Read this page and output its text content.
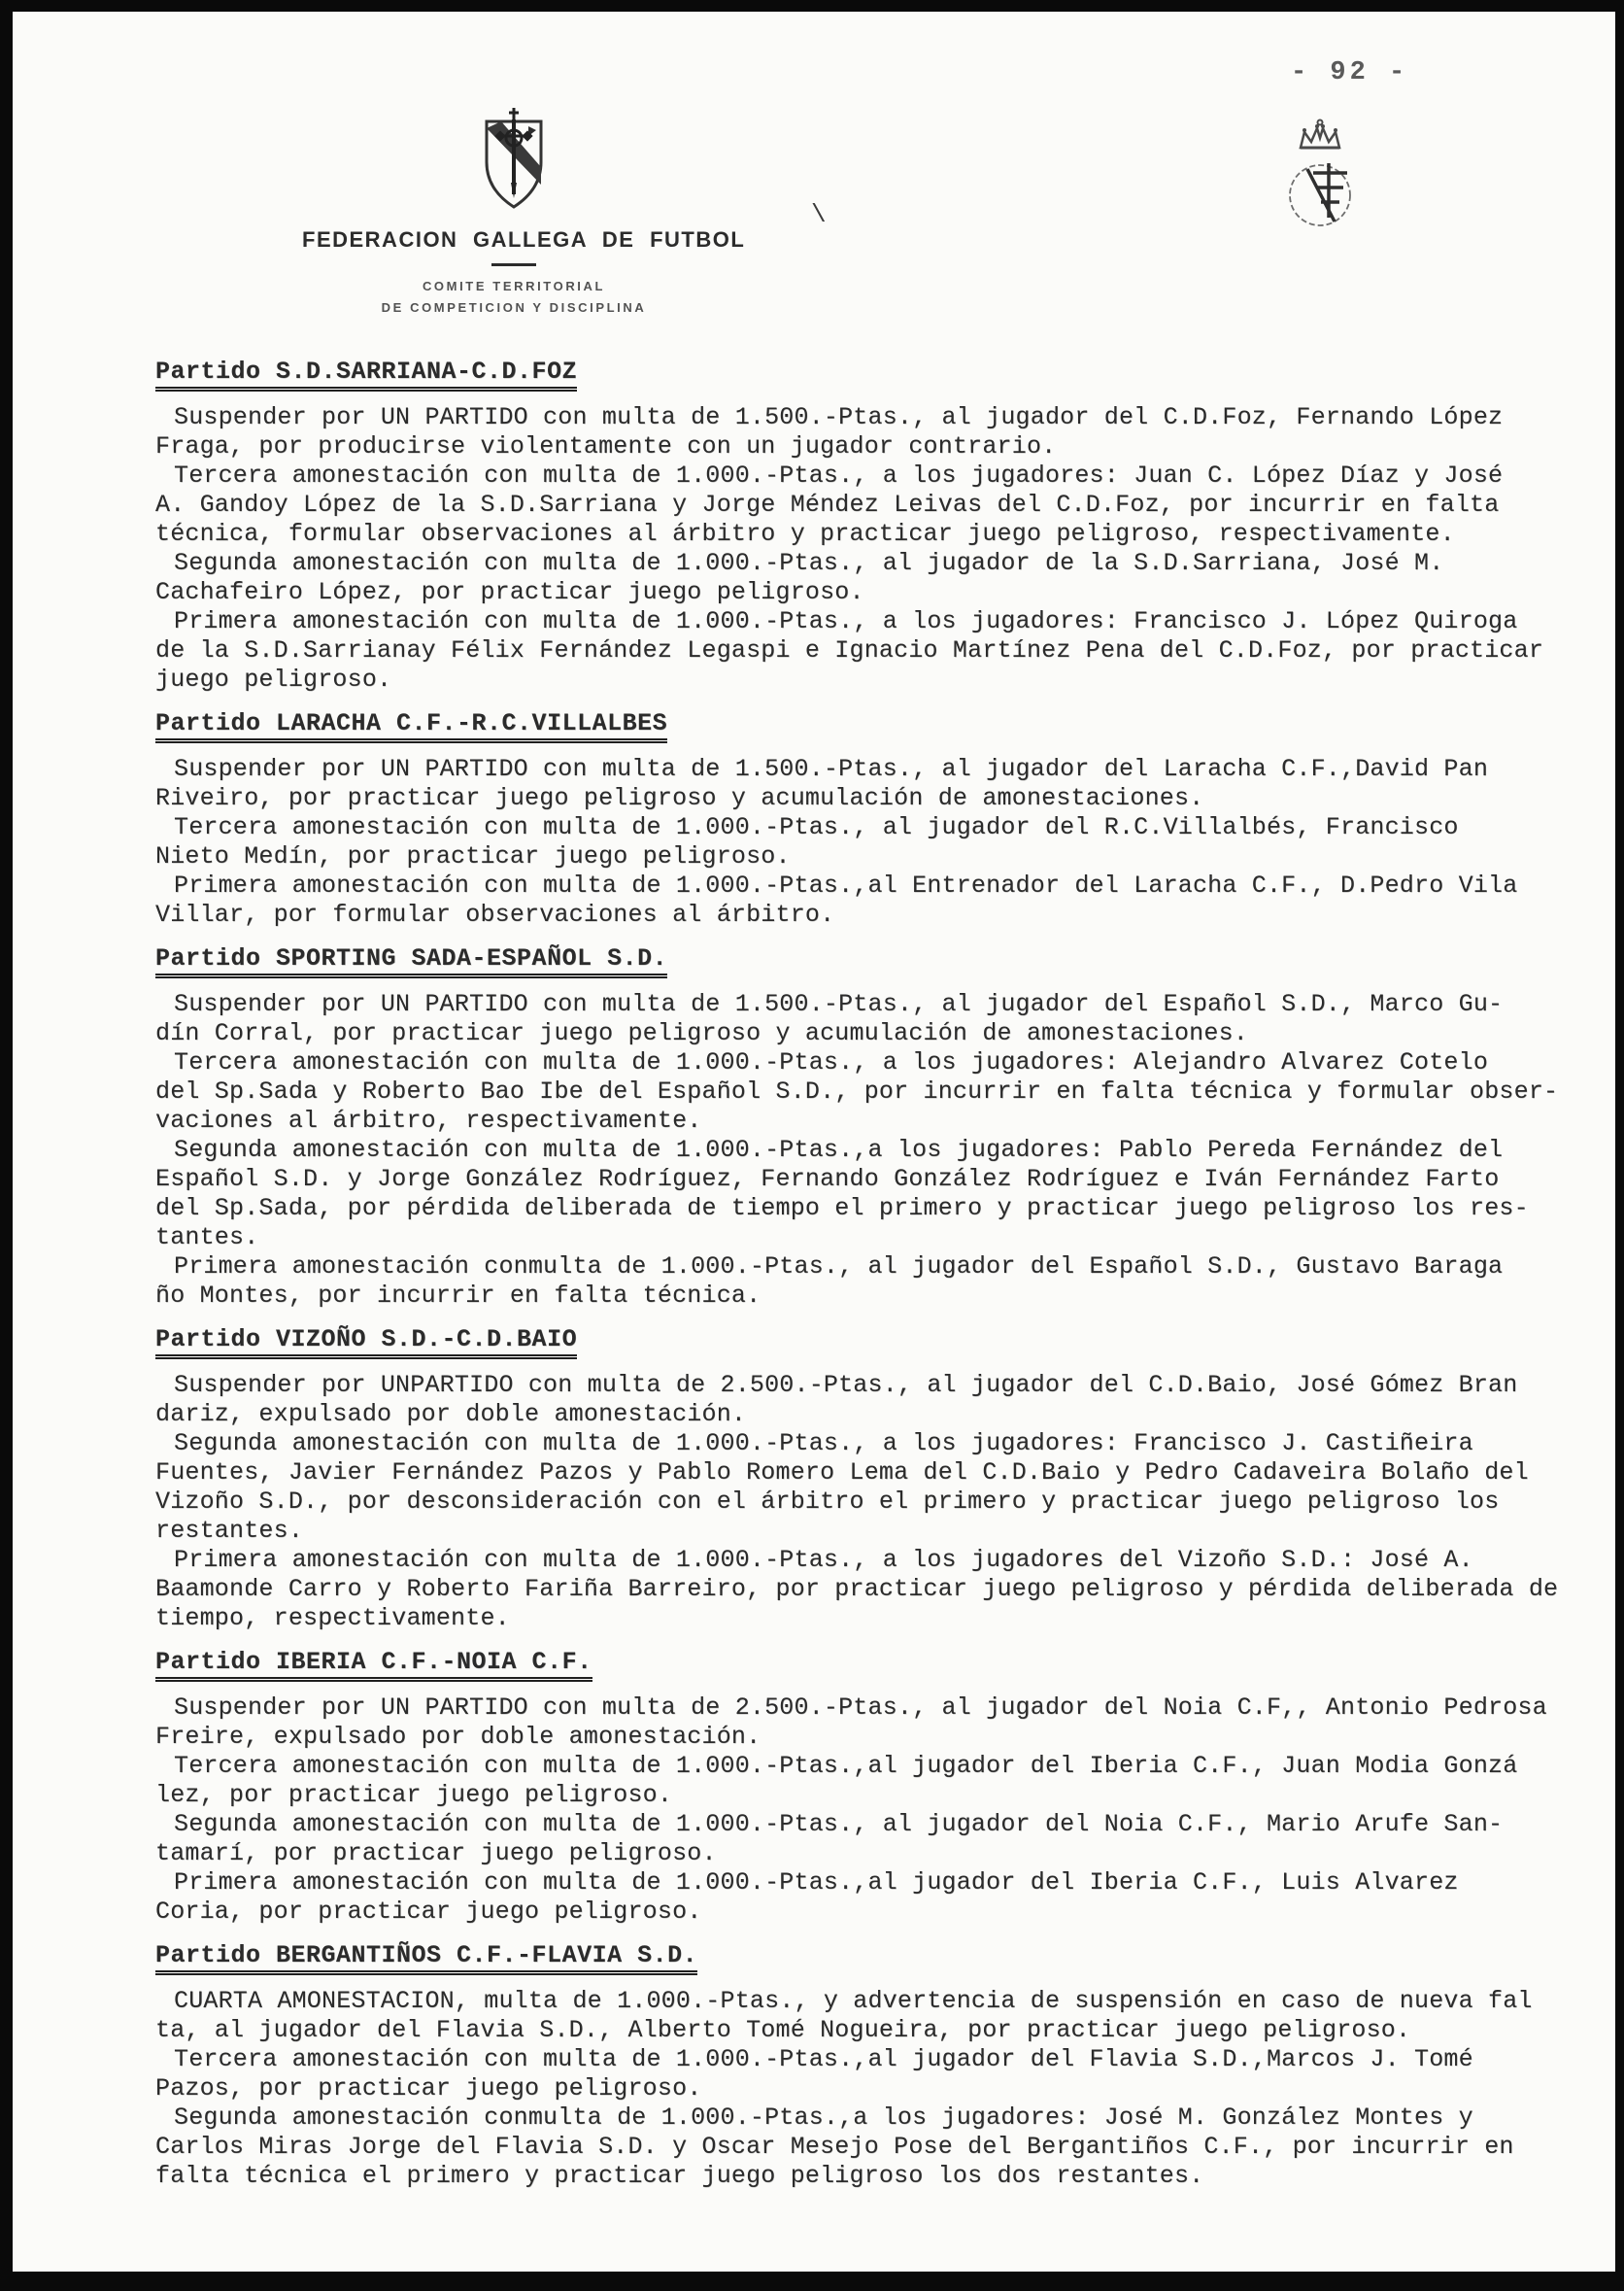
- 92 -
FEDERACION GALLEGA DE FUTBOL
COMITE TERRITORIAL
DE COMPETICION Y DISCIPLINA
\
Partido S.D.SARRIANA-C.D.FOZ
Suspender por UN PARTIDO con multa de 1.500.-Ptas., al jugador del C.D.Foz, Fernando López
Fraga, por producirse violentamente con un jugador contrario.
Tercera amonestación con multa de 1.000.-Ptas., a los jugadores: Juan C. López Díaz y José
A. Gandoy López de la S.D.Sarriana y Jorge Méndez Leivas del C.D.Foz, por incurrir en falta
técnica, formular observaciones al árbitro y practicar juego peligroso, respectivamente.
Segunda amonestación con multa de 1.000.-Ptas., al jugador de la S.D.Sarriana, José M.
Cachafeiro López, por practicar juego peligroso.
Primera amonestación con multa de 1.000.-Ptas., a los jugadores: Francisco J. López Quiroga
de la S.D.Sarrianay Félix Fernández Legaspi e Ignacio Martínez Pena del C.D.Foz, por practicar
juego peligroso.
Partido LARACHA C.F.-R.C.VILLALBES
Suspender por UN PARTIDO con multa de 1.500.-Ptas., al jugador del Laracha C.F.,David Pan
Riveiro, por practicar juego peligroso y acumulación de amonestaciones.
Tercera amonestación con multa de 1.000.-Ptas., al jugador del R.C.Villalbés, Francisco
Nieto Medín, por practicar juego peligroso.
Primera amonestación con multa de 1.000.-Ptas.,al Entrenador del Laracha C.F., D.Pedro Vila
Villar, por formular observaciones al árbitro.
Partido SPORTING SADA-ESPAÑOL S.D.
Suspender por UN PARTIDO con multa de 1.500.-Ptas., al jugador del Español S.D., Marco Gu-
dín Corral, por practicar juego peligroso y acumulación de amonestaciones.
Tercera amonestación con multa de 1.000.-Ptas., a los jugadores: Alejandro Alvarez Cotelo
del Sp.Sada y Roberto Bao Ibe del Español S.D., por incurrir en falta técnica y formular obser-
vaciones al árbitro, respectivamente.
Segunda amonestación con multa de 1.000.-Ptas.,a los jugadores: Pablo Pereda Fernández del
Español S.D. y Jorge González Rodríguez, Fernando González Rodríguez e Iván Fernández Farto
del Sp.Sada, por pérdida deliberada de tiempo el primero y practicar juego peligroso los res-
tantes.
Primera amonestación conmulta de 1.000.-Ptas., al jugador del Español S.D., Gustavo Baraga
ño Montes, por incurrir en falta técnica.
Partido VIZOÑO S.D.-C.D.BAIO
Suspender por UNPARTIDO con multa de 2.500.-Ptas., al jugador del C.D.Baio, José Gómez Bran
dariz, expulsado por doble amonestación.
Segunda amonestación con multa de 1.000.-Ptas., a los jugadores: Francisco J. Castiñeira
Fuentes, Javier Fernández Pazos y Pablo Romero Lema del C.D.Baio y Pedro Cadaveira Bolaño del
Vizoño S.D., por desconsideración con el árbitro el primero y practicar juego peligroso los
restantes.
Primera amonestación con multa de 1.000.-Ptas., a los jugadores del Vizoño S.D.: José A.
Baamonde Carro y Roberto Fariña Barreiro, por practicar juego peligroso y pérdida deliberada de
tiempo, respectivamente.
Partido IBERIA C.F.-NOIA C.F.
Suspender por UN PARTIDO con multa de 2.500.-Ptas., al jugador del Noia C.F,, Antonio Pedrosa
Freire, expulsado por doble amonestación.
Tercera amonestación con multa de 1.000.-Ptas.,al jugador del Iberia C.F., Juan Modia Gonzá
lez, por practicar juego peligroso.
Segunda amonestación con multa de 1.000.-Ptas., al jugador del Noia C.F., Mario Arufe San-
tamarí, por practicar juego peligroso.
Primera amonestación con multa de 1.000.-Ptas.,al jugador del Iberia C.F., Luis Alvarez
Coria, por practicar juego peligroso.
Partido BERGANTIÑOS C.F.-FLAVIA S.D.
CUARTA AMONESTACION, multa de 1.000.-Ptas., y advertencia de suspensión en caso de nueva fal
ta, al jugador del Flavia S.D., Alberto Tomé Nogueira, por practicar juego peligroso.
Tercera amonestación con multa de 1.000.-Ptas.,al jugador del Flavia S.D.,Marcos J. Tomé
Pazos, por practicar juego peligroso.
Segunda amonestación conmulta de 1.000.-Ptas.,a los jugadores: José M. González Montes y
Carlos Miras Jorge del Flavia S.D. y Oscar Mesejo Pose del Bergantiños C.F., por incurrir en
falta técnica el primero y practicar juego peligroso los dos restantes.
